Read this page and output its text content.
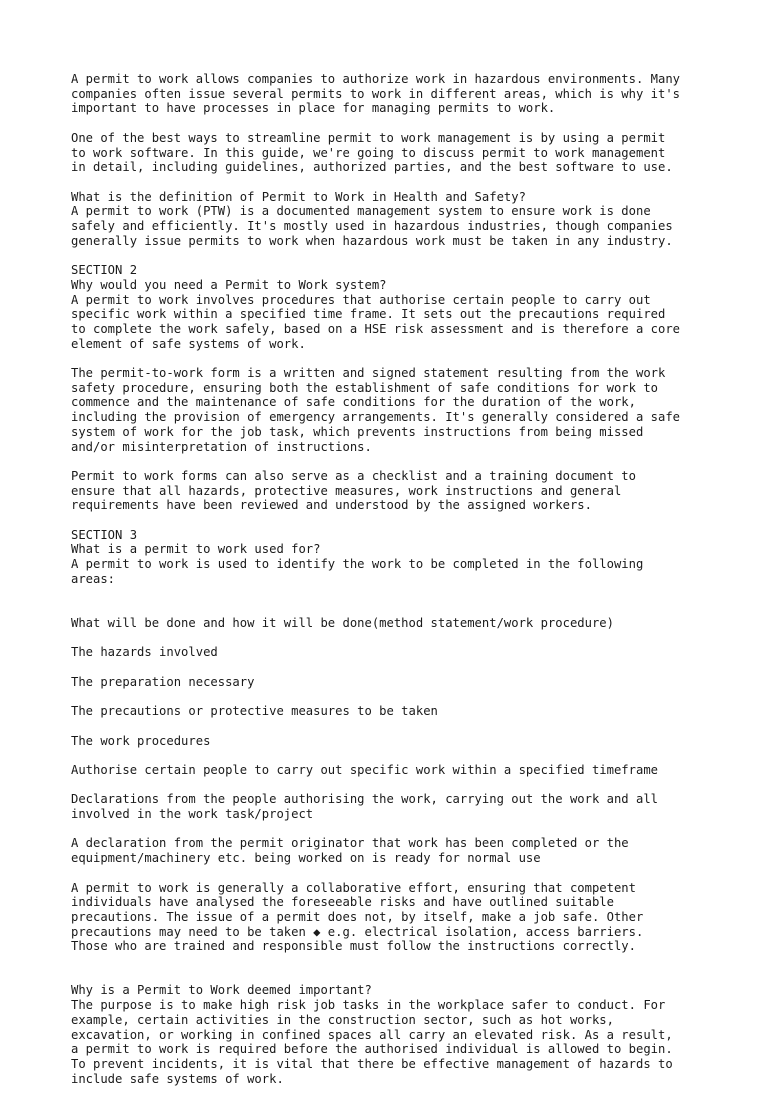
A permit to work allows companies to authorize work in hazardous environments. Many
companies often issue several permits to work in different areas, which is why it's
important to have processes in place for managing permits to work.

One of the best ways to streamline permit to work management is by using a permit
to work software. In this guide, we're going to discuss permit to work management
in detail, including guidelines, authorized parties, and the best software to use.

What is the definition of Permit to Work in Health and Safety?

A permit to work (PTW) is a documented management system to ensure work is done
safely and efficiently. It's mostly used in hazardous industries, though companies
generally issue permits to work when hazardous work must be taken in any industry.

SECTION 2

Why would you need a Permit to Work system?

A permit to work involves procedures that authorise certain people to carry out
specific work within a specified time frame. It sets out the precautions required
to complete the work safely, based on a HSE risk assessment and is therefore a core
element of safe systems of work.

The permit-to-work form is a written and signed statement resulting from the work
safety procedure, ensuring both the establishment of safe conditions for work to
commence and the maintenance of safe conditions for the duration of the work,
including the provision of emergency arrangements. It's generally considered a safe
system of work for the job task, which prevents instructions from being missed
and/or misinterpretation of instructions.

Permit to work forms can also serve as a checklist and a training document to
ensure that all hazards, protective measures, work instructions and general
requirements have been reviewed and understood by the assigned workers.

SECTION 3

What is a permit to work used for?

A permit to work is used to identify the work to be completed in the following
areas:

What will be done and how it will be done(method statement/work procedure)

The hazards involved

The preparation necessary

The precautions or protective measures to be taken

The work procedures

Authorise certain people to carry out specific work within a specified timeframe

Declarations from the people authorising the work, carrying out the work and all
involved in the work task/project

A declaration from the permit originator that work has been completed or the
equipment/machinery etc. being worked on is ready for normal use

A permit to work is generally a collaborative effort, ensuring that competent
individuals have analysed the foreseeable risks and have outlined suitable
precautions. The issue of a permit does not, by itself, make a job safe. Other
precautions may need to be taken ◆ e.g. electrical isolation, access barriers.
Those who are trained and responsible must follow the instructions correctly.

Why is a Permit to Work deemed important?

The purpose is to make high risk job tasks in the workplace safer to conduct. For
example, certain activities in the construction sector, such as hot works,
excavation, or working in confined spaces all carry an elevated risk. As a result,
a permit to work is required before the authorised individual is allowed to begin.
To prevent incidents, it is vital that there be effective management of hazards to
include safe systems of work.
